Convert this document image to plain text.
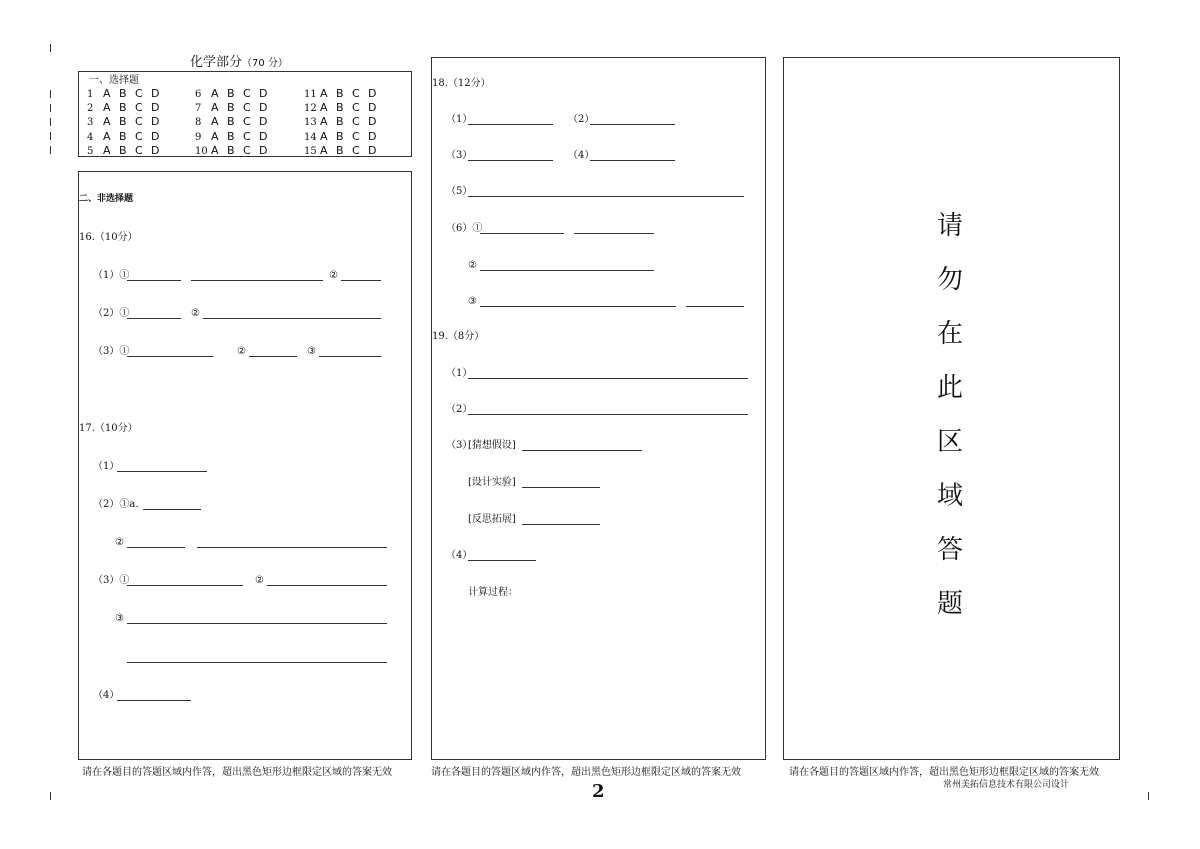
化学部分（70 分）
一、选择题
1 A B C D
2 A B C D
3 A B C D
4 A B C D
5 A B C D
6 A B C D
7 A B C D
8 A B C D
9 A B C D
10 A B C D
11 A B C D
12 A B C D
13 A B C D
14 A B C D
15 A B C D
二、非选择题
16.（10分）
（1）①	②
（2）①	②
（3）①	②	③
17.（10分）
（1）
（2）①a.
②
（3）①	②
③
（4）
请在各题目的答题区域内作答，超出黑色矩形边框限定区域的答案无效
18.（12分）
（1）	（2）
（3）	（4）
（5）
（6）①
②
③
19.（8分）
（1）
（2）
（3）
[猜想假设]
[设计实验]
[反思拓展]
（4）
计算过程：
请在各题目的答题区域内作答，超出黑色矩形边框限定区域的答案无效
请
勿
在
此
区
域
答
题
请在各题目的答题区域内作答，超出黑色矩形边框限定区域的答案无效
常州美拓信息技术有限公司设计
2
